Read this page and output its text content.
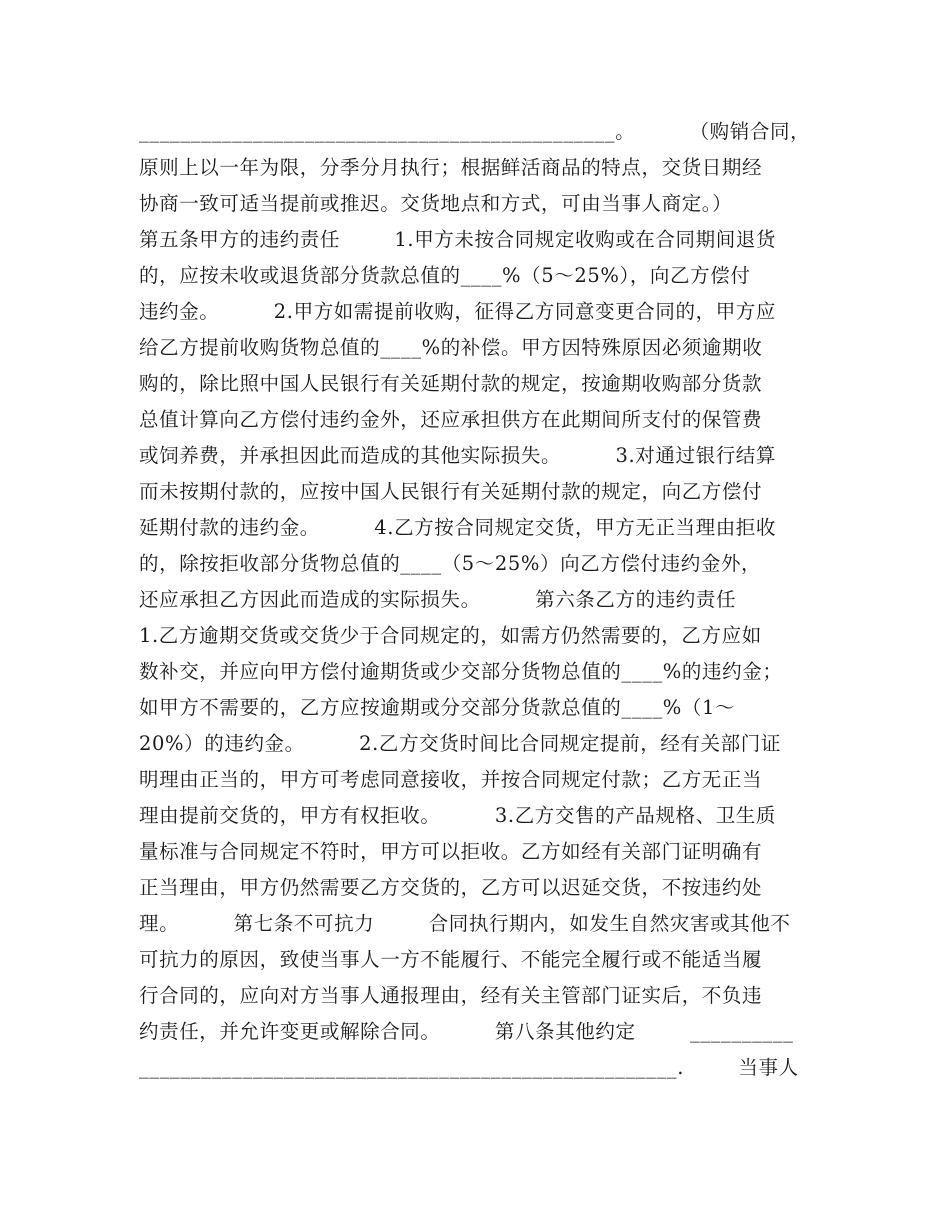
______________________________________________。        （购销合同，
原则上以一年为限，分季分月执行；根据鲜活商品的特点，交货日期经
协商一致可适当提前或推迟。交货地点和方式，可由当事人商定。）
第五条甲方的违约责任        1.甲方未按合同规定收购或在合同期间退货
的，应按未收或退货部分货款总值的____%（5～25%），向乙方偿付
违约金。        2.甲方如需提前收购，征得乙方同意变更合同的，甲方应
给乙方提前收购货物总值的____%的补偿。甲方因特殊原因必须逾期收
购的，除比照中国人民银行有关延期付款的规定，按逾期收购部分货款
总值计算向乙方偿付违约金外，还应承担供方在此期间所支付的保管费
或饲养费，并承担因此而造成的其他实际损失。        3.对通过银行结算
而未按期付款的，应按中国人民银行有关延期付款的规定，向乙方偿付
延期付款的违约金。        4.乙方按合同规定交货，甲方无正当理由拒收
的，除按拒收部分货物总值的____（5～25%）向乙方偿付违约金外，
还应承担乙方因此而造成的实际损失。        第六条乙方的违约责任
1.乙方逾期交货或交货少于合同规定的，如需方仍然需要的，乙方应如
数补交，并应向甲方偿付逾期货或少交部分货物总值的____%的违约金；
如甲方不需要的，乙方应按逾期或分交部分货款总值的____%（1～
20%）的违约金。        2.乙方交货时间比合同规定提前，经有关部门证
明理由正当的，甲方可考虑同意接收，并按合同规定付款；乙方无正当
理由提前交货的，甲方有权拒收。        3.乙方交售的产品规格、卫生质
量标准与合同规定不符时，甲方可以拒收。乙方如经有关部门证明确有
正当理由，甲方仍然需要乙方交货的，乙方可以迟延交货，不按违约处
理。        第七条不可抗力        合同执行期内，如发生自然灾害或其他不
可抗力的原因，致使当事人一方不能履行、不能完全履行或不能适当履
行合同的，应向对方当事人通报理由，经有关主管部门证实后，不负违
约责任，并允许变更或解除合同。        第八条其他约定        __________
____________________________________________________.        当事人
